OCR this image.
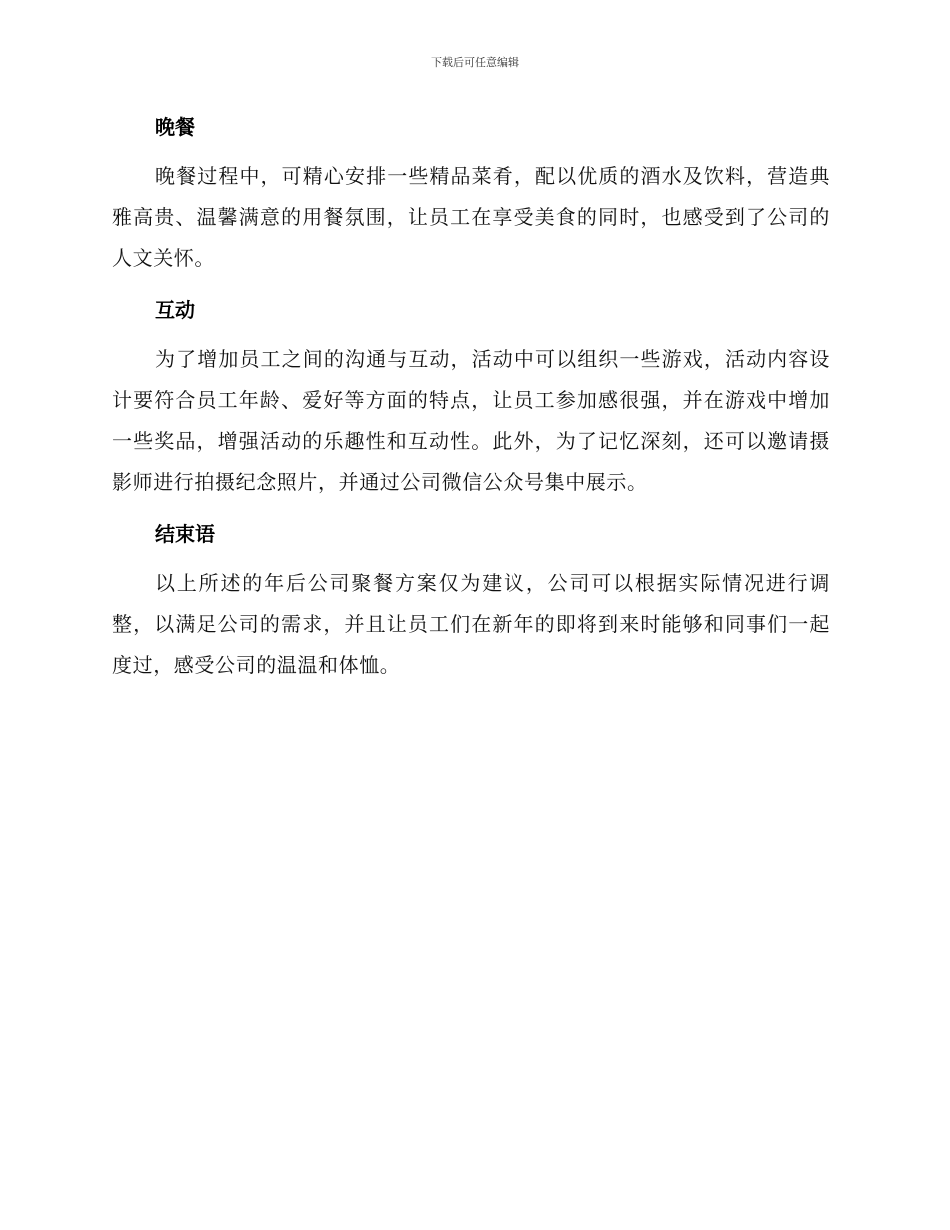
下载后可任意编辑
晚餐

晚餐过程中，可精心安排一些精品菜肴，配以优质的酒水及饮料，营造典雅高贵、温馨满意的用餐氛围，让员工在享受美食的同时，也感受到了公司的人文关怀。

互动

为了增加员工之间的沟通与互动，活动中可以组织一些游戏，活动内容设计要符合员工年龄、爱好等方面的特点，让员工参加感很强，并在游戏中增加一些奖品，增强活动的乐趣性和互动性。此外，为了记忆深刻，还可以邀请摄影师进行拍摄纪念照片，并通过公司微信公众号集中展示。

结束语

以上所述的年后公司聚餐方案仅为建议，公司可以根据实际情况进行调整，以满足公司的需求，并且让员工们在新年的即将到来时能够和同事们一起度过，感受公司的温温和体恤。
